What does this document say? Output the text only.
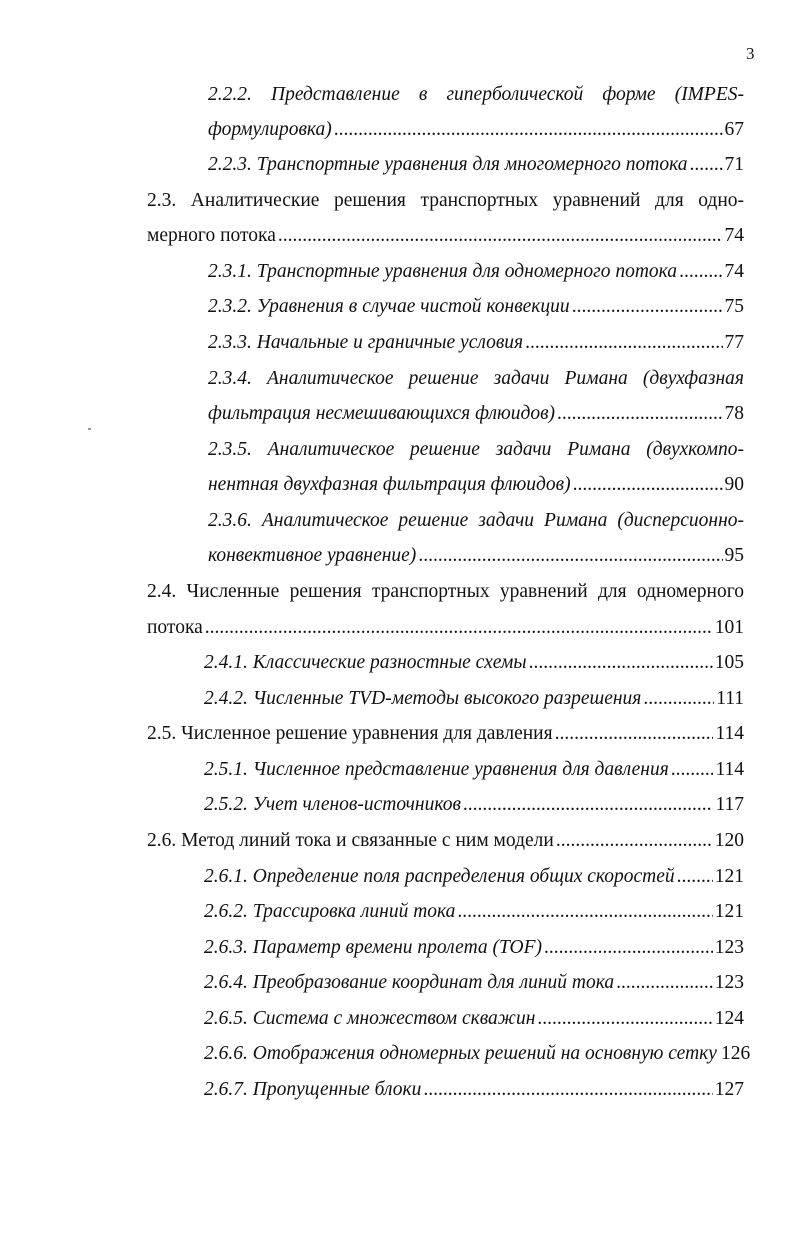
3
2.2.2. Представление в гиперболической форме (IMPES-
формулировка) .....	67
2.2.3. Транспортные уравнения для многомерного потока ..... 71
2.3. Аналитические решения транспортных уравнений для одно-
мерного потока .....	74
2.3.1. Транспортные уравнения для одномерного потока ..... 74
2.3.2. Уравнения в случае чистой конвекции .....	75
2.3.3. Начальные и граничные условия .....	77
2.3.4. Аналитическое решение задачи Римана (двухфазная
фильтрация несмешивающихся флюидов) .....	78
2.3.5. Аналитическое решение задачи Римана (двухкомпо-
нентная двухфазная фильтрация флюидов) .....	90
2.3.6. Аналитическое решение задачи Римана (дисперсионно-
конвективное уравнение) .....	95
2.4. Численные решения транспортных уравнений для одномерного
потока .....	101
2.4.1. Классические разностные схемы .....	105
2.4.2. Численные TVD-методы высокого разрешения .....	111
2.5. Численное решение уравнения для давления .....	114
2.5.1. Численное представление уравнения для давления ..... 114
2.5.2. Учет членов-источников .....	117
2.6. Метод линий тока и связанные с ним модели .....	120
2.6.1. Определение поля распределения общих скоростей ..... 121
2.6.2. Трассировка линий тока .....	121
2.6.3. Параметр времени пролета (TOF) .....	123
2.6.4. Преобразование координат для линий тока .....	123
2.6.5. Система с множеством скважин .....	124
2.6.6. Отображения одномерных решений на основную сетку 126
2.6.7. Пропущенные блоки .....	127
